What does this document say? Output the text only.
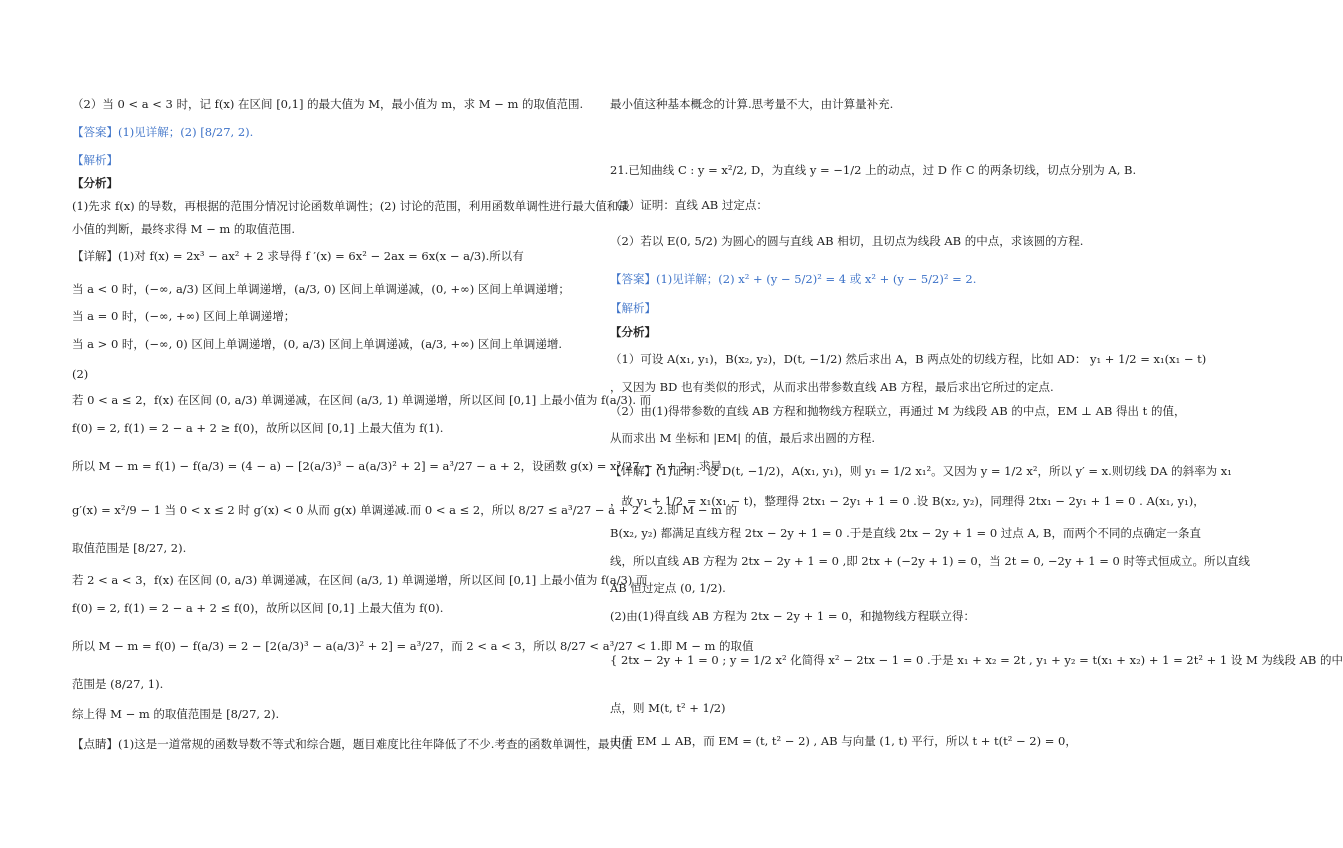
（2）当 0 < a < 3 时，记 f(x) 在区间 [0,1] 的最大值为 M，最小值为 m，求 M − m 的取值范围.
【答案】(1)见详解；(2) [8/27, 2).
【解析】
【分析】
(1)先求 f(x) 的导数，再根据的范围分情况讨论函数单调性；(2) 讨论的范围，利用函数单调性进行最大值和最
小值的判断，最终求得 M − m 的取值范围.
【详解】(1)对 f(x) = 2x³ − ax² + 2 求导得 f ′(x) = 6x² − 2ax = 6x(x − a/3).所以有
当 a < 0 时，(−∞, a/3) 区间上单调递增，(a/3, 0) 区间上单调递减，(0, +∞) 区间上单调递增；
当 a = 0 时，(−∞, +∞) 区间上单调递增；
当 a > 0 时，(−∞, 0) 区间上单调递增，(0, a/3) 区间上单调递减，(a/3, +∞) 区间上单调递增.
(2)
若 0 < a ≤ 2，f(x) 在区间 (0, a/3) 单调递减，在区间 (a/3, 1) 单调递增，所以区间 [0,1] 上最小值为 f(a/3). 而
f(0) = 2, f(1) = 2 − a + 2 ≥ f(0)，故所以区间 [0,1] 上最大值为 f(1).
所以 M − m = f(1) − f(a/3) = (4 − a) − [2(a/3)³ − a(a/3)² + 2] = a³/27 − a + 2，设函数 g(x) = x³/27 − x + 2，求导
g′(x) = x²/9 − 1 当 0 < x ≤ 2 时 g′(x) < 0 从而 g(x) 单调递减.而 0 < a ≤ 2，所以 8/27 ≤ a³/27 − a + 2 < 2.即 M − m 的
取值范围是 [8/27, 2).
若 2 < a < 3，f(x) 在区间 (0, a/3) 单调递减，在区间 (a/3, 1) 单调递增，所以区间 [0,1] 上最小值为 f(a/3) 而
f(0) = 2, f(1) = 2 − a + 2 ≤ f(0)，故所以区间 [0,1] 上最大值为 f(0).
所以 M − m = f(0) − f(a/3) = 2 − [2(a/3)³ − a(a/3)² + 2] = a³/27，而 2 < a < 3，所以 8/27 < a³/27 < 1.即 M − m 的取值
范围是 (8/27, 1).
综上得 M − m 的取值范围是 [8/27, 2).
【点睛】(1)这是一道常规的函数导数不等式和综合题，题目难度比往年降低了不少.考查的函数单调性，最大值
最小值这种基本概念的计算.思考量不大，由计算量补充.
21.已知曲线 C : y = x²/2, D，为直线 y = −1/2 上的动点，过 D 作 C 的两条切线，切点分别为 A, B.
（1）证明：直线 AB 过定点：
（2）若以 E(0, 5/2) 为圆心的圆与直线 AB 相切，且切点为线段 AB 的中点，求该圆的方程.
【答案】(1)见详解；(2) x² + (y − 5/2)² = 4 或 x² + (y − 5/2)² = 2.
【解析】
【分析】
（1）可设 A(x₁, y₁)，B(x₂, y₂)，D(t, −1/2) 然后求出 A，B 两点处的切线方程，比如 AD： y₁ + 1/2 = x₁(x₁ − t)
，又因为 BD 也有类似的形式，从而求出带参数直线 AB 方程，最后求出它所过的定点.
（2）由(1)得带参数的直线 AB 方程和抛物线方程联立，再通过 M 为线段 AB 的中点，EM ⊥ AB 得出 t 的值，
从而求出 M 坐标和 |EM| 的值，最后求出圆的方程.
【详解】(1)证明：设 D(t, −1/2)，A(x₁, y₁)，则 y₁ = 1/2 x₁²。又因为 y = 1/2 x²，所以 y′ = x.则切线 DA 的斜率为 x₁
，故 y₁ + 1/2 = x₁(x₁ − t)，整理得 2tx₁ − 2y₁ + 1 = 0 .设 B(x₂, y₂)，同理得 2tx₁ − 2y₁ + 1 = 0 . A(x₁, y₁)，
B(x₂, y₂) 都满足直线方程 2tx − 2y + 1 = 0 .于是直线 2tx − 2y + 1 = 0 过点 A, B，而两个不同的点确定一条直
线，所以直线 AB 方程为 2tx − 2y + 1 = 0 ,即 2tx + (−2y + 1) = 0，当 2t = 0, −2y + 1 = 0 时等式恒成立。所以直线
AB 恒过定点 (0, 1/2).
(2)由(1)得直线 AB 方程为 2tx − 2y + 1 = 0，和抛物线方程联立得：
{ 2tx − 2y + 1 = 0 ; y = 1/2 x² 化简得 x² − 2tx − 1 = 0 .于是 x₁ + x₂ = 2t , y₁ + y₂ = t(x₁ + x₂) + 1 = 2t² + 1 设 M 为线段 AB 的中
点，则 M(t, t² + 1/2)
由于 EM ⊥ AB，而 EM = (t, t² − 2) , AB 与向量 (1, t) 平行，所以 t + t(t² − 2) = 0，
